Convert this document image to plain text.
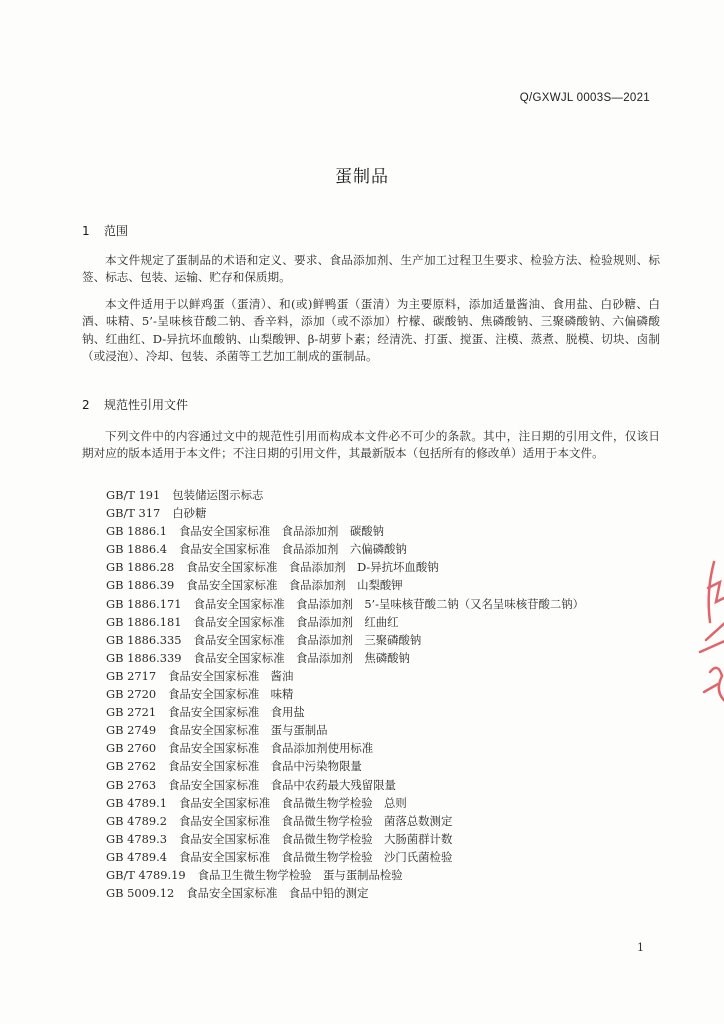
Q/GXWJL 0003S—2021
蛋制品
1 范围

本文件规定了蛋制品的术语和定义、要求、食品添加剂、生产加工过程卫生要求、检验方法、检验规则、标签、标志、包装、运输、贮存和保质期。

本文件适用于以鲜鸡蛋（蛋清）、和(或)鲜鸭蛋（蛋清）为主要原料，添加适量酱油、食用盐、白砂糖、白酒、味精、5’-呈味核苷酸二钠、香辛料，添加（或不添加）柠檬、碳酸钠、焦磷酸钠、三聚磷酸钠、六偏磷酸钠、红曲红、D-异抗坏血酸钠、山梨酸钾、β-胡萝卜素；经清洗、打蛋、搅蛋、注模、蒸煮、脱模、切块、卤制（或浸泡）、冷却、包装、杀菌等工艺加工制成的蛋制品。

2 规范性引用文件

下列文件中的内容通过文中的规范性引用而构成本文件必不可少的条款。其中，注日期的引用文件，仅该日期对应的版本适用于本文件；不注日期的引用文件，其最新版本（包括所有的修改单）适用于本文件。

GB/T 191 包装储运图示标志
GB/T 317 白砂糖
GB 1886.1 食品安全国家标准　食品添加剂　碳酸钠
GB 1886.4 食品安全国家标准　食品添加剂　六偏磷酸钠
GB 1886.28 食品安全国家标准　食品添加剂　D-异抗坏血酸钠
GB 1886.39 食品安全国家标准　食品添加剂　山梨酸钾
GB 1886.171 食品安全国家标准　食品添加剂　5’-呈味核苷酸二钠（又名呈味核苷酸二钠）
GB 1886.181 食品安全国家标准　食品添加剂　红曲红
GB 1886.335 食品安全国家标准　食品添加剂　三聚磷酸钠
GB 1886.339 食品安全国家标准　食品添加剂　焦磷酸钠
GB 2717 食品安全国家标准　酱油
GB 2720 食品安全国家标准　味精
GB 2721 食品安全国家标准　食用盐
GB 2749 食品安全国家标准　蛋与蛋制品
GB 2760 食品安全国家标准　食品添加剂使用标准
GB 2762 食品安全国家标准　食品中污染物限量
GB 2763 食品安全国家标准　食品中农药最大残留限量
GB 4789.1 食品安全国家标准　食品微生物学检验　总则
GB 4789.2 食品安全国家标准　食品微生物学检验　菌落总数测定
GB 4789.3 食品安全国家标准　食品微生物学检验　大肠菌群计数
GB 4789.4 食品安全国家标准　食品微生物学检验　沙门氏菌检验
GB/T 4789.19 食品卫生微生物学检验　蛋与蛋制品检验
GB 5009.12 食品安全国家标准　食品中铅的测定
1
